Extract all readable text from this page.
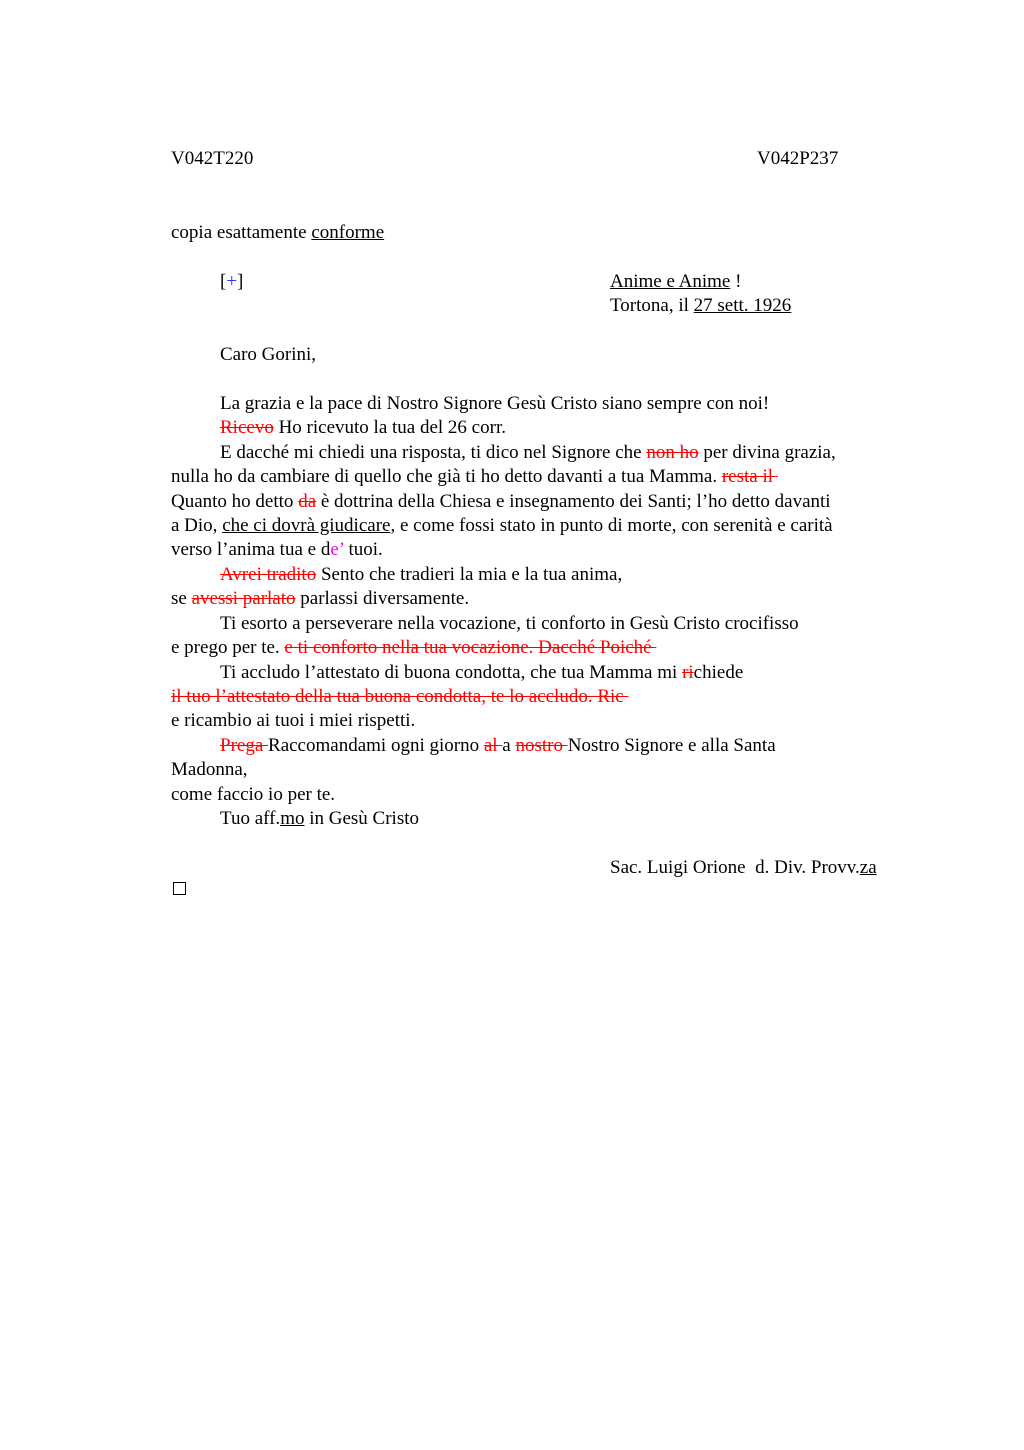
V042T220	V042P237
copia esattamente conforme
[+]	Anime e Anime !
Tortona, il 27 sett. 1926
Caro Gorini,
La grazia e la pace di Nostro Signore Gesù Cristo siano sempre con noi!
Ricevo Ho ricevuto la tua del 26 corr.
E dacché mi chiedi una risposta, ti dico nel Signore che non ho per divina grazia,
nulla ho da cambiare di quello che già ti ho detto davanti a tua Mamma. resta il
Quanto ho detto da è dottrina della Chiesa e insegnamento dei Santi; l’ho detto davanti
a Dio, che ci dovrà giudicare, e come fossi stato in punto di morte, con serenità e carità
verso l’anima tua e de’ tuoi.
Avrei tradito Sento che tradieri la mia e la tua anima,
se avessi parlato parlassi diversamente.
Ti esorto a perseverare nella vocazione, ti conforto in Gesù Cristo crocifisso
e prego per te. e ti conforto nella tua vocazione. Dacché Poiché
Ti accludo l’attestato di buona condotta, che tua Mamma mi richiede
il tuo l’attestato della tua buona condotta, te lo accludo. Ric
e ricambio ai tuoi i miei rispetti.
Prega Raccomandami ogni giorno al a nostro Nostro Signore e alla Santa
Madonna,
come faccio io per te.
Tuo aff.mo in Gesù Cristo
Sac. Luigi Orione  d. Div. Provv.za
